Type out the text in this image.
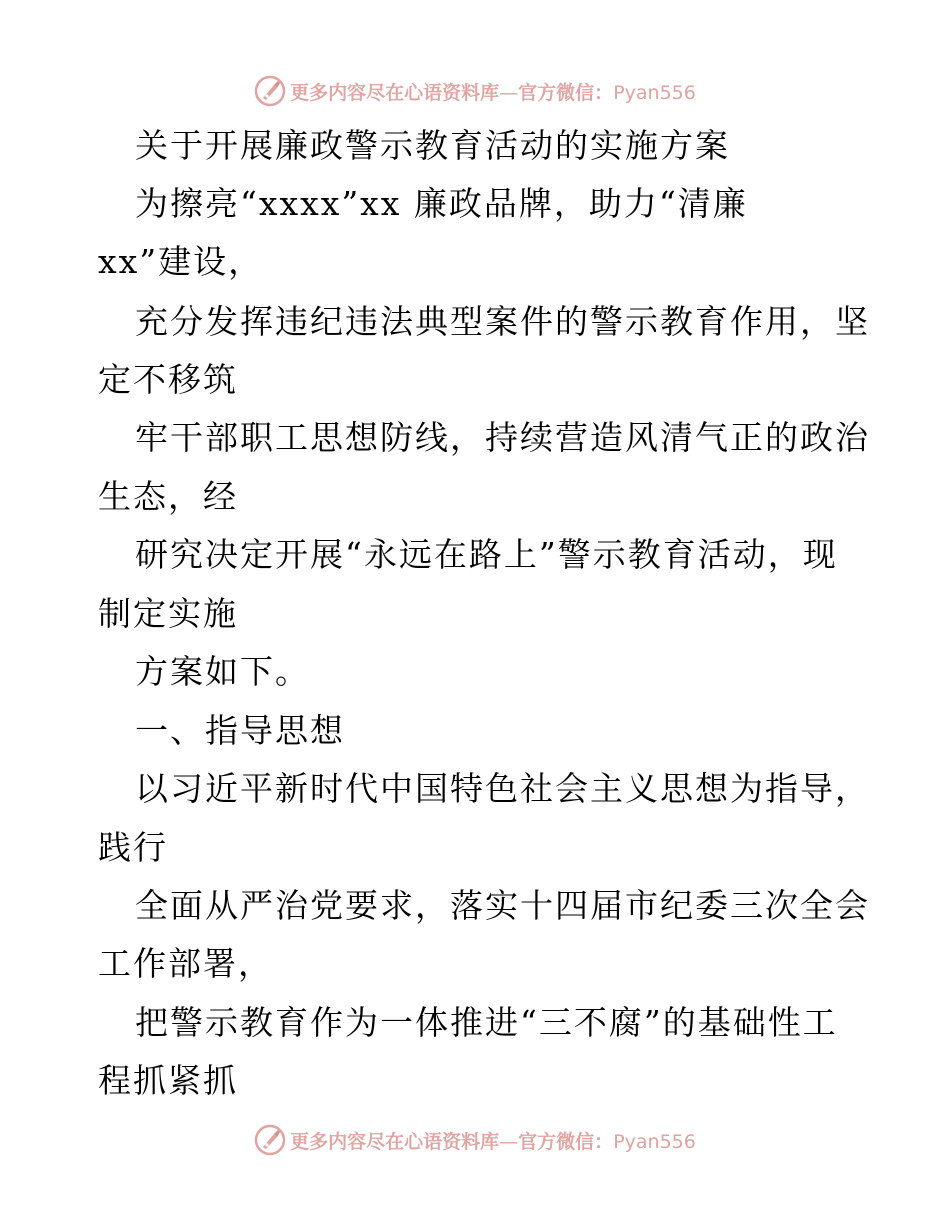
更多内容尽在心语资料库—官方微信：Pyan556
关于开展廉政警示教育活动的实施方案
为擦亮“xxxx”xx 廉政品牌，助力“清廉
xx”建设，
充分发挥违纪违法典型案件的警示教育作用，坚
定不移筑
牢干部职工思想防线，持续营造风清气正的政治
生态，经
研究决定开展“永远在路上”警示教育活动，现
制定实施
方案如下。
一、指导思想
以习近平新时代中国特色社会主义思想为指导，
践行
全面从严治党要求，落实十四届市纪委三次全会
工作部署，
把警示教育作为一体推进“三不腐”的基础性工
程抓紧抓
更多内容尽在心语资料库—官方微信：Pyan556
